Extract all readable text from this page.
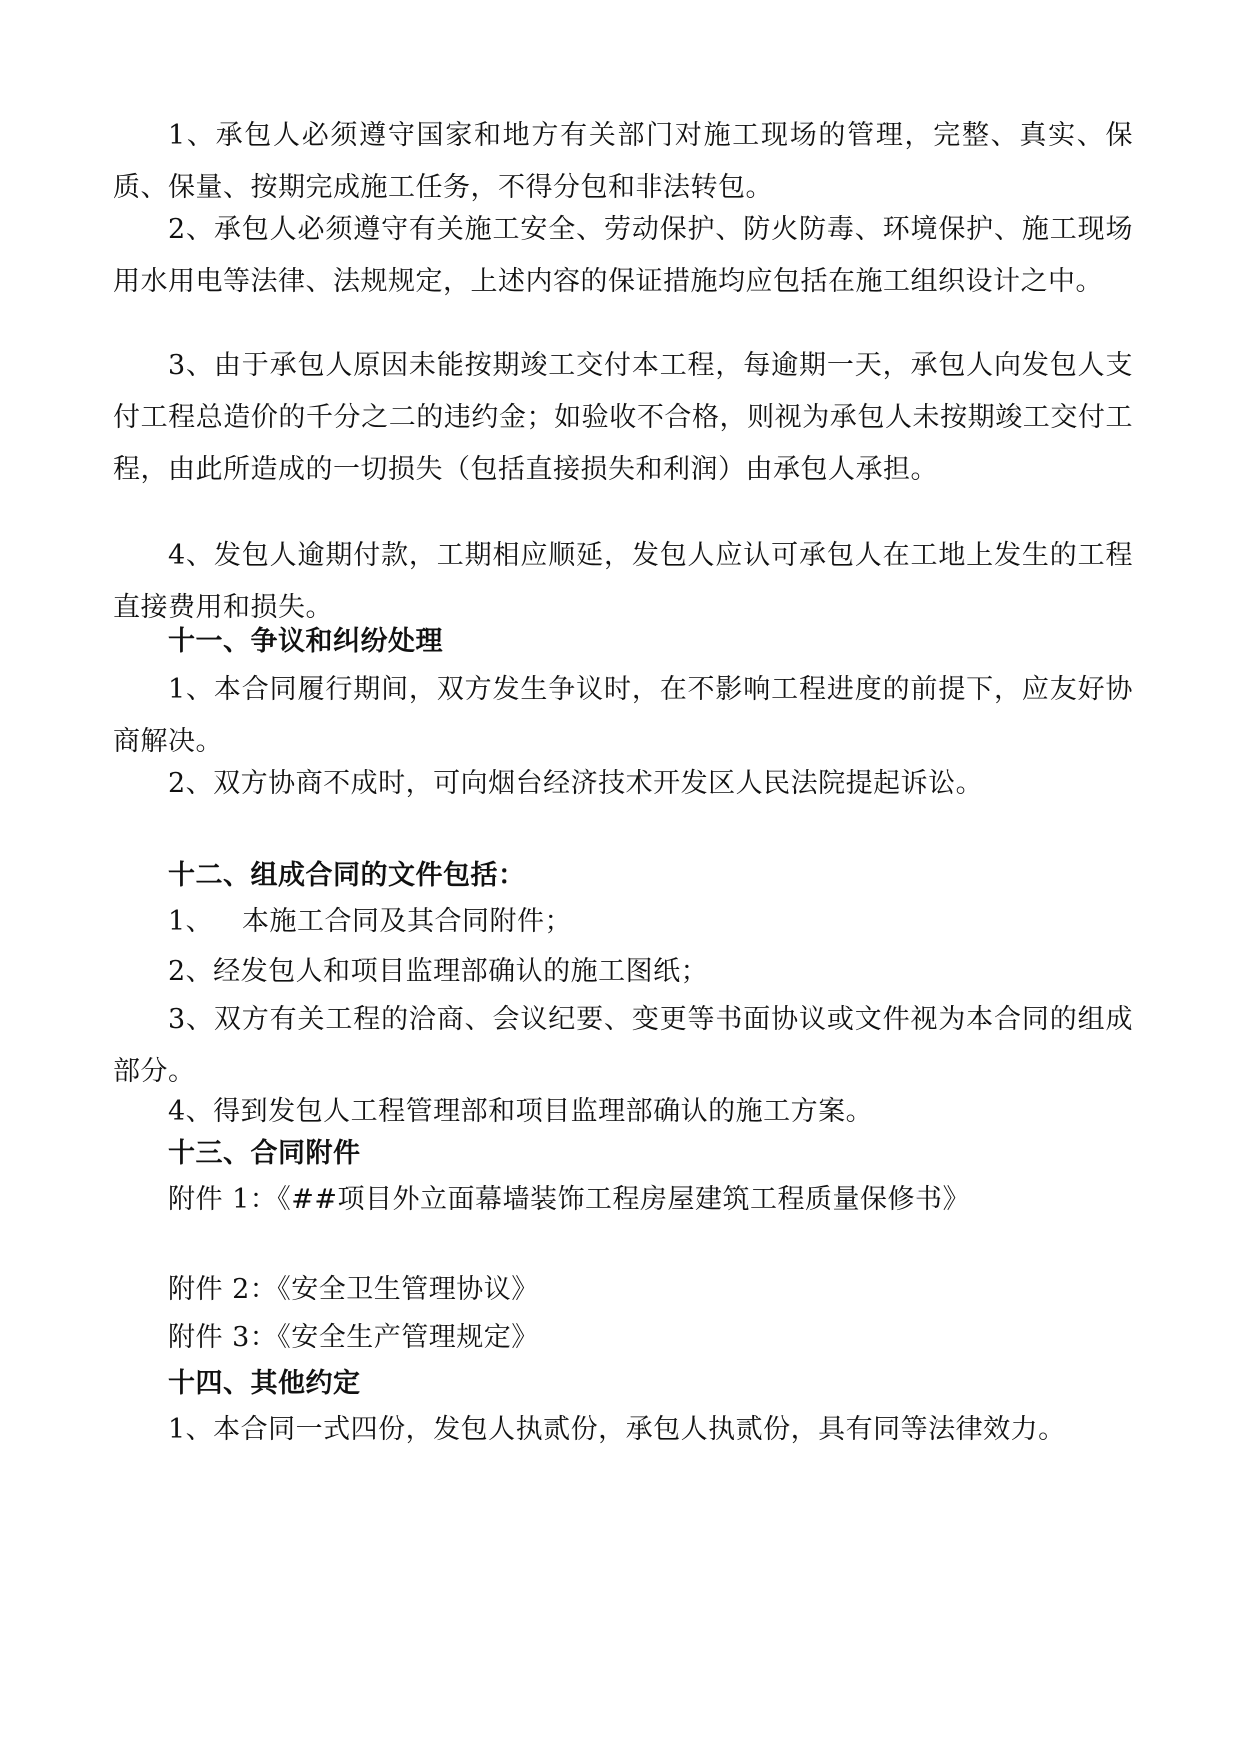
1、承包人必须遵守国家和地方有关部门对施工现场的管理，完整、真实、保质、保量、按期完成施工任务，不得分包和非法转包。

2、承包人必须遵守有关施工安全、劳动保护、防火防毒、环境保护、施工现场用水用电等法律、法规规定，上述内容的保证措施均应包括在施工组织设计之中。

3、由于承包人原因未能按期竣工交付本工程，每逾期一天，承包人向发包人支付工程总造价的千分之二的违约金；如验收不合格，则视为承包人未按期竣工交付工程，由此所造成的一切损失（包括直接损失和利润）由承包人承担。

4、发包人逾期付款，工期相应顺延，发包人应认可承包人在工地上发生的工程直接费用和损失。

十一、争议和纠纷处理

1、本合同履行期间，双方发生争议时，在不影响工程进度的前提下，应友好协商解决。

2、双方协商不成时，可向烟台经济技术开发区人民法院提起诉讼。

十二、组成合同的文件包括：
1、 本施工合同及其合同附件；

2、经发包人和项目监理部确认的施工图纸；

3、双方有关工程的洽商、会议纪要、变更等书面协议或文件视为本合同的组成部分。

4、得到发包人工程管理部和项目监理部确认的施工方案。

十三、合同附件
附件 1：《##项目外立面幕墙装饰工程房屋建筑工程质量保修书》
附件 2：《安全卫生管理协议》
附件 3：《安全生产管理规定》
十四、其他约定

1、本合同一式四份，发包人执贰份，承包人执贰份，具有同等法律效力。
